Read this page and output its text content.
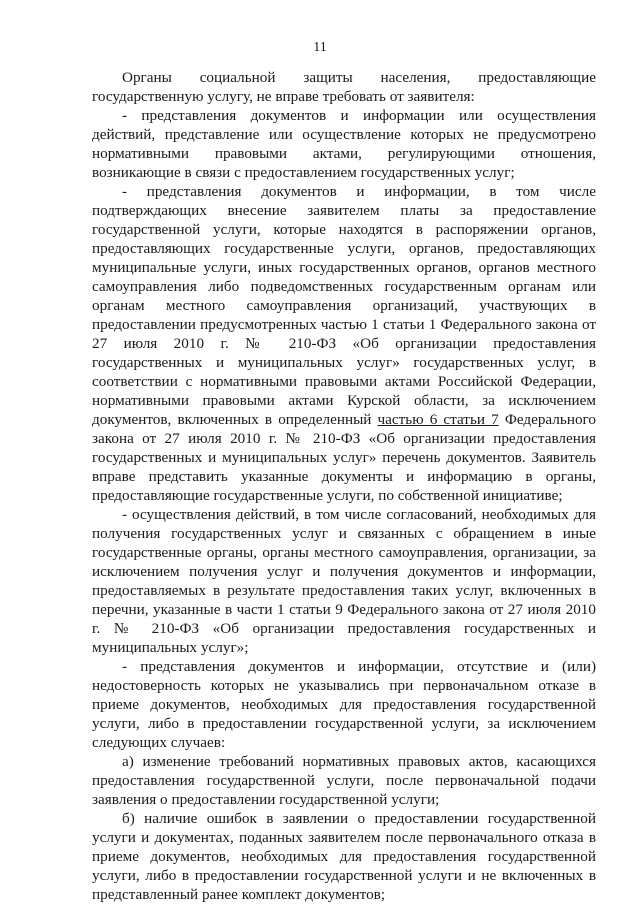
11

Органы социальной защиты населения, предоставляющие государственную услугу, не вправе требовать от заявителя:

- представления документов и информации или осуществления действий, представление или осуществление которых не предусмотрено нормативными правовыми актами, регулирующими отношения, возникающие в связи с предоставлением государственных услуг;

- представления документов и информации, в том числе подтверждающих внесение заявителем платы за предоставление государственной услуги, которые находятся в распоряжении органов, предоставляющих государственные услуги, органов, предоставляющих муниципальные услуги, иных государственных органов, органов местного самоуправления либо подведомственных государственным органам или органам местного самоуправления организаций, участвующих в предоставлении предусмотренных частью 1 статьи 1 Федерального закона от 27 июля 2010 г. № 210-ФЗ «Об организации предоставления государственных и муниципальных услуг» государственных услуг, в соответствии с нормативными правовыми актами Российской Федерации, нормативными правовыми актами Курской области, за исключением документов, включенных в определенный частью 6 статьи 7 Федерального закона от 27 июля 2010 г. № 210-ФЗ «Об организации предоставления государственных и муниципальных услуг» перечень документов. Заявитель вправе представить указанные документы и информацию в органы, предоставляющие государственные услуги, по собственной инициативе;

- осуществления действий, в том числе согласований, необходимых для получения государственных услуг и связанных с обращением в иные государственные органы, органы местного самоуправления, организации, за исключением получения услуг и получения документов и информации, предоставляемых в результате предоставления таких услуг, включенных в перечни, указанные в части 1 статьи 9 Федерального закона от 27 июля 2010 г. № 210-ФЗ «Об организации предоставления государственных и муниципальных услуг»;

- представления документов и информации, отсутствие и (или) недостоверность которых не указывались при первоначальном отказе в приеме документов, необходимых для предоставления государственной услуги, либо в предоставлении государственной услуги, за исключением следующих случаев:

а) изменение требований нормативных правовых актов, касающихся предоставления государственной услуги, после первоначальной подачи заявления о предоставлении государственной услуги;

б) наличие ошибок в заявлении о предоставлении государственной услуги и документах, поданных заявителем после первоначального отказа в приеме документов, необходимых для предоставления государственной услуги, либо в предоставлении государственной услуги и не включенных в представленный ранее комплект документов;
